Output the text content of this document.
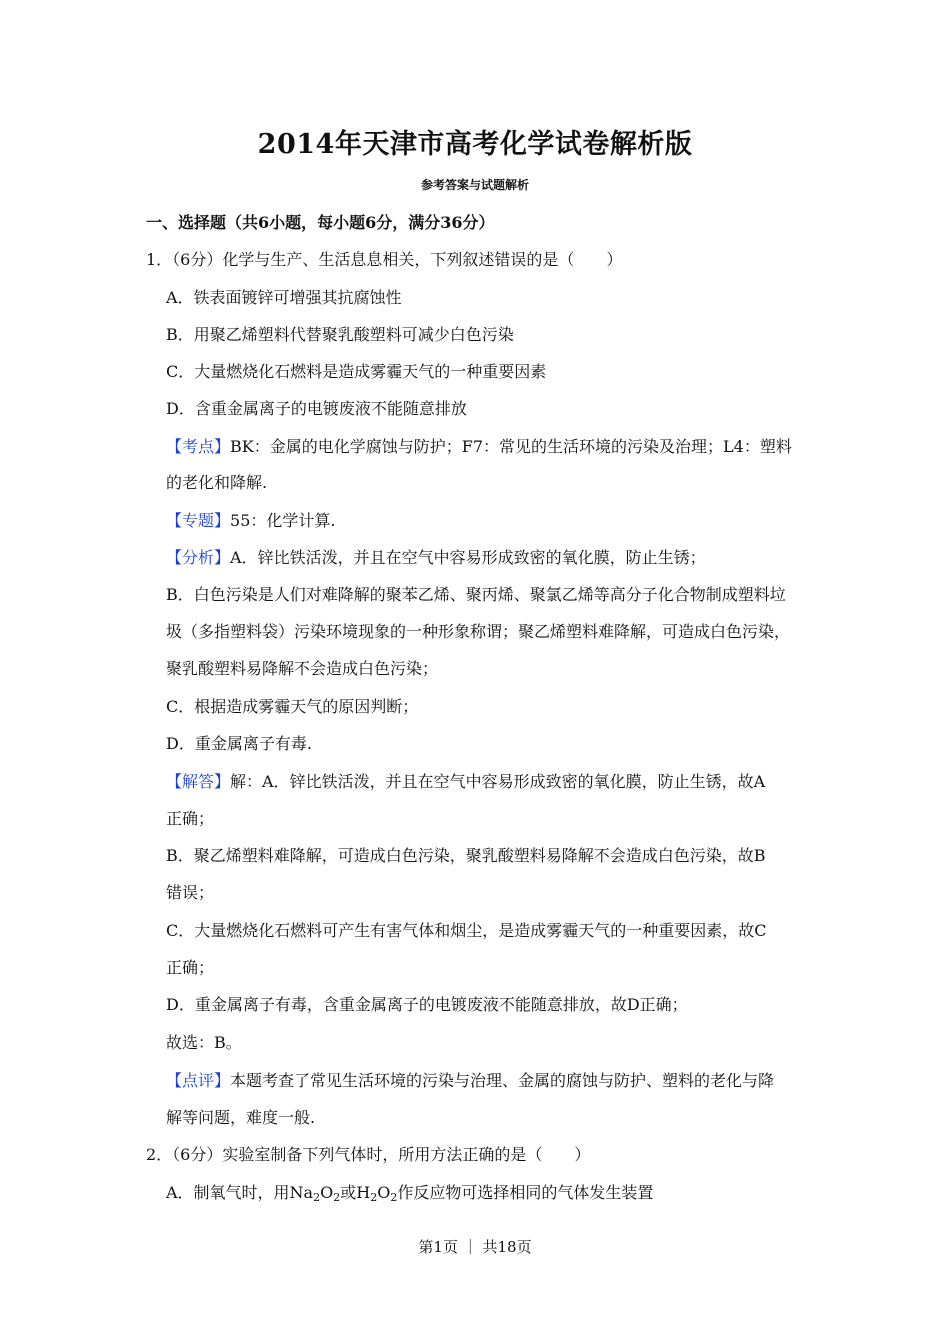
2014年天津市高考化学试卷解析版
参考答案与试题解析
一、选择题（共6小题，每小题6分，满分36分）
1．（6分）化学与生产、生活息息相关，下列叙述错误的是（　　）
A．铁表面镀锌可增强其抗腐蚀性
B．用聚乙烯塑料代替聚乳酸塑料可减少白色污染
C．大量燃烧化石燃料是造成雾霾天气的一种重要因素
D．含重金属离子的电镀废液不能随意排放
【考点】BK：金属的电化学腐蚀与防护；F7：常见的生活环境的污染及治理；L4：塑料
的老化和降解.
【专题】55：化学计算.
【分析】A．锌比铁活泼，并且在空气中容易形成致密的氧化膜，防止生锈；
B．白色污染是人们对难降解的聚苯乙烯、聚丙烯、聚氯乙烯等高分子化合物制成塑料垃
圾（多指塑料袋）污染环境现象的一种形象称谓；聚乙烯塑料难降解，可造成白色污染，
聚乳酸塑料易降解不会造成白色污染；
C．根据造成雾霾天气的原因判断；
D．重金属离子有毒.
【解答】解：A．锌比铁活泼，并且在空气中容易形成致密的氧化膜，防止生锈，故A
正确；
B．聚乙烯塑料难降解，可造成白色污染，聚乳酸塑料易降解不会造成白色污染，故B
错误；
C．大量燃烧化石燃料可产生有害气体和烟尘，是造成雾霾天气的一种重要因素，故C
正确；
D．重金属离子有毒，含重金属离子的电镀废液不能随意排放，故D正确；
故选：B。
【点评】本题考查了常见生活环境的污染与治理、金属的腐蚀与防护、塑料的老化与降
解等问题，难度一般.
2．（6分）实验室制备下列气体时，所用方法正确的是（　　）
A．制氧气时，用$Na_2O_2$或$H_2O_2$作反应物可选择相同的气体发生装置
第1页 ｜ 共18页
